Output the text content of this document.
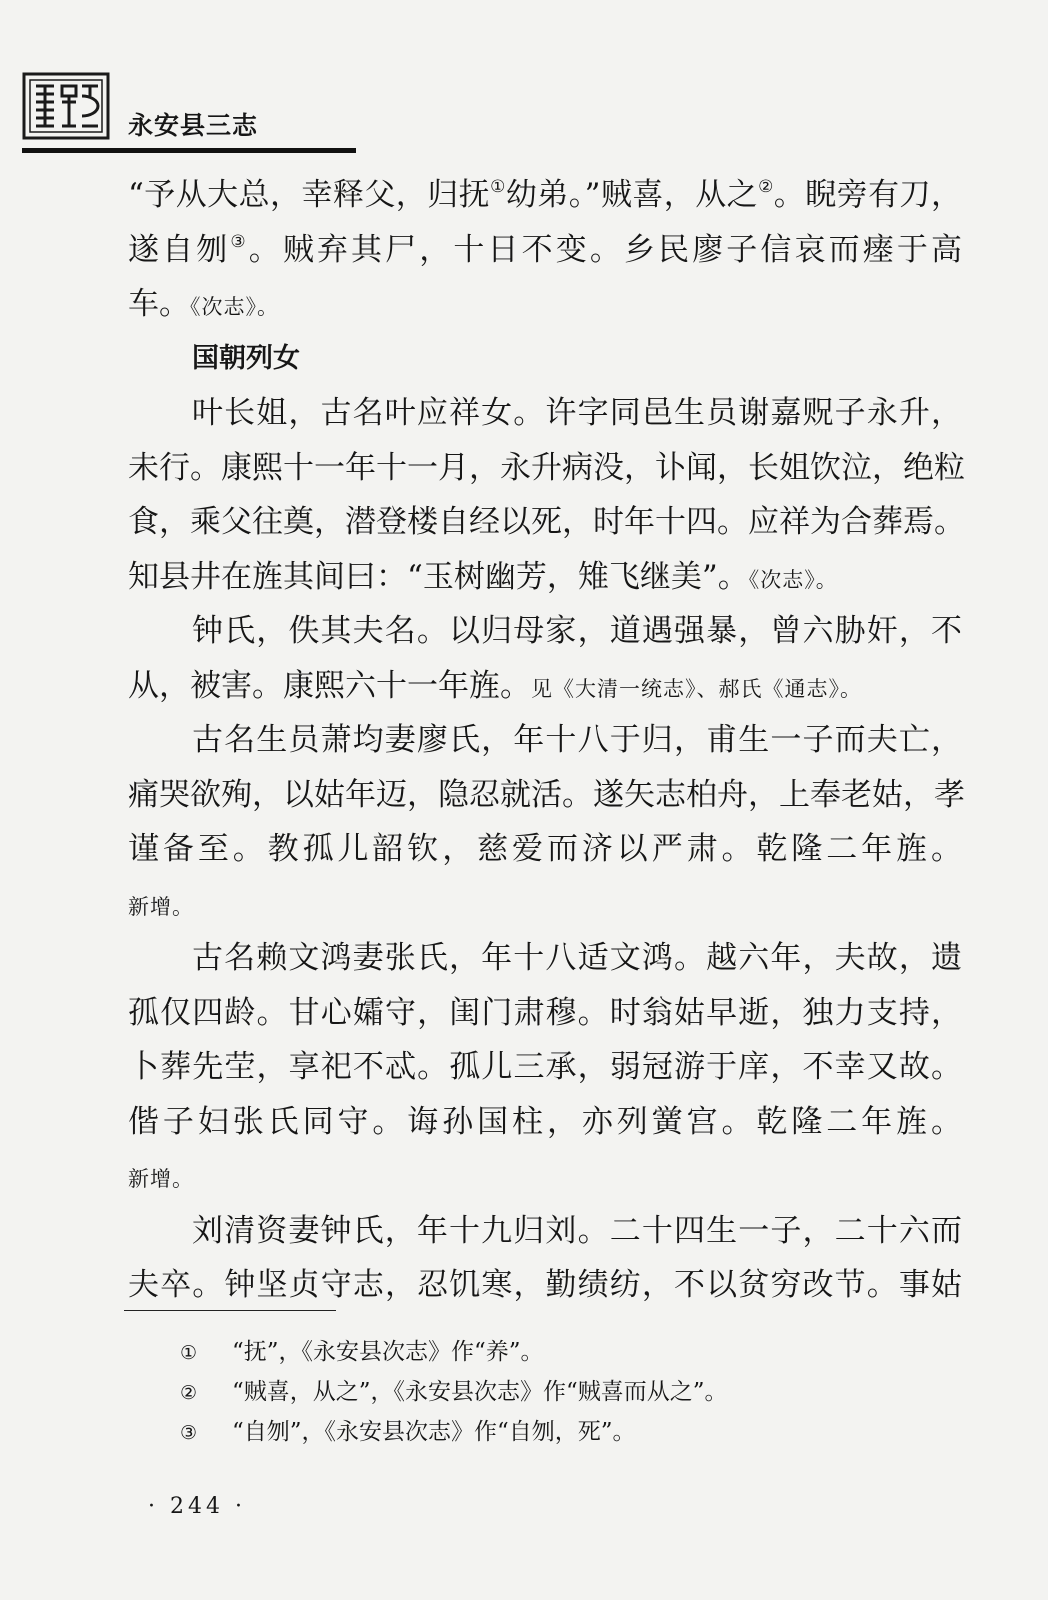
永安县三志
“予从大总，幸释父，归抚①幼弟。”贼喜，从之②。睨旁有刀，
遂自刎③。贼弃其尸，十日不变。乡民廖子信哀而瘗于高
车。《次志》。
国朝列女
叶长姐，古名叶应祥女。许字同邑生员谢嘉贶子永升，
未行。康熙十一年十一月，永升病没，讣闻，长姐饮泣，绝粒
食，乘父往奠，潜登楼自经以死，时年十四。应祥为合葬焉。
知县井在旌其间曰：“玉树幽芳，雉飞继美”。《次志》。
钟氏，佚其夫名。以归母家，道遇强暴，曾六胁奸，不
从，被害。康熙六十一年旌。见《大清一统志》、郝氏《通志》。
古名生员萧均妻廖氏，年十八于归，甫生一子而夫亡，
痛哭欲殉，以姑年迈，隐忍就活。遂矢志柏舟，上奉老姑，孝
谨备至。教孤儿韶钦，慈爱而济以严肃。乾隆二年旌。
新增。
古名赖文鸿妻张氏，年十八适文鸿。越六年，夫故，遗
孤仅四龄。甘心孀守，闺门肃穆。时翁姑早逝，独力支持，
卜葬先茔，享祀不忒。孤儿三承，弱冠游于庠，不幸又故。
偕子妇张氏同守。诲孙国柱，亦列黉宫。乾隆二年旌。
新增。
刘清资妻钟氏，年十九归刘。二十四生一子，二十六而
夫卒。钟坚贞守志，忍饥寒，勤绩纺，不以贫穷改节。事姑
① “抚”，《永安县次志》作“养”。
② “贼喜，从之”，《永安县次志》作“贼喜而从之”。
③ “自刎”，《永安县次志》作“自刎，死”。
· 244 ·
